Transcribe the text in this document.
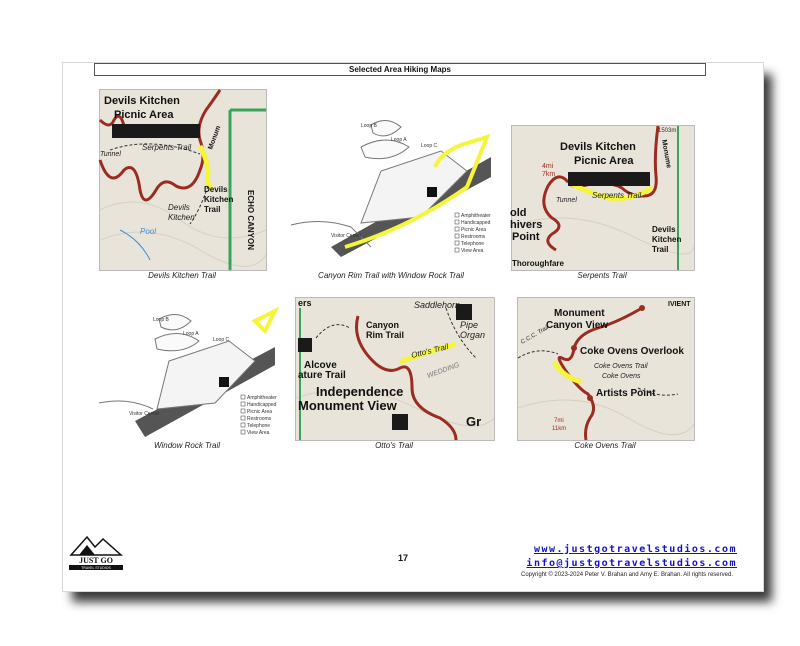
Selected Area Hiking Maps
Devils Kitchen
Picnic Area
Serpents Trail
Tunnel
Devils
Kitchen
Trail
Devils
Kitchen
Pool	ECHO CANYON
Monum
Devils Kitchen Trail
Loop B
Loop A
Loop C
Visitor Center
Amphitheater
Handicapped
Picnic Area
Restrooms
Telephone
View Area
Canyon Rim Trail with Window Rock Trail
Devils Kitchen
Picnic Area
Serpents Trail
Tunnel
old
hivers
Point
Devils
Kitchen
Trail
Thoroughfare
4mi
7km
1503m
Monume
Serpents Trail
Loop B
Loop A
Loop C
Visitor Center
Amphitheater
Handicapped
Picnic Area
Restrooms
Telephone
View Area
Window Rock Trail
Saddlehorn
Canyon
Rim Trail
Otto's Trail
Pipe
Organ
Alcove
ature Trail
Independence
Monument View
WEDDING
Gr
ers
Otto's Trail
Monument
Canyon View
Coke Ovens Overlook
Coke Ovens Trail
Coke Ovens
Artists Point
C.C.C. Trail
7mi
11km
IVIENT
Coke Ovens Trail
JUST GO
TRAVEL STUDIOS
17
www.justgotravelstudios.com
info@justgotravelstudios.com
Copyright © 2023-2024 Peter V. Brahan and Amy E. Brahan. All rights reserved.
